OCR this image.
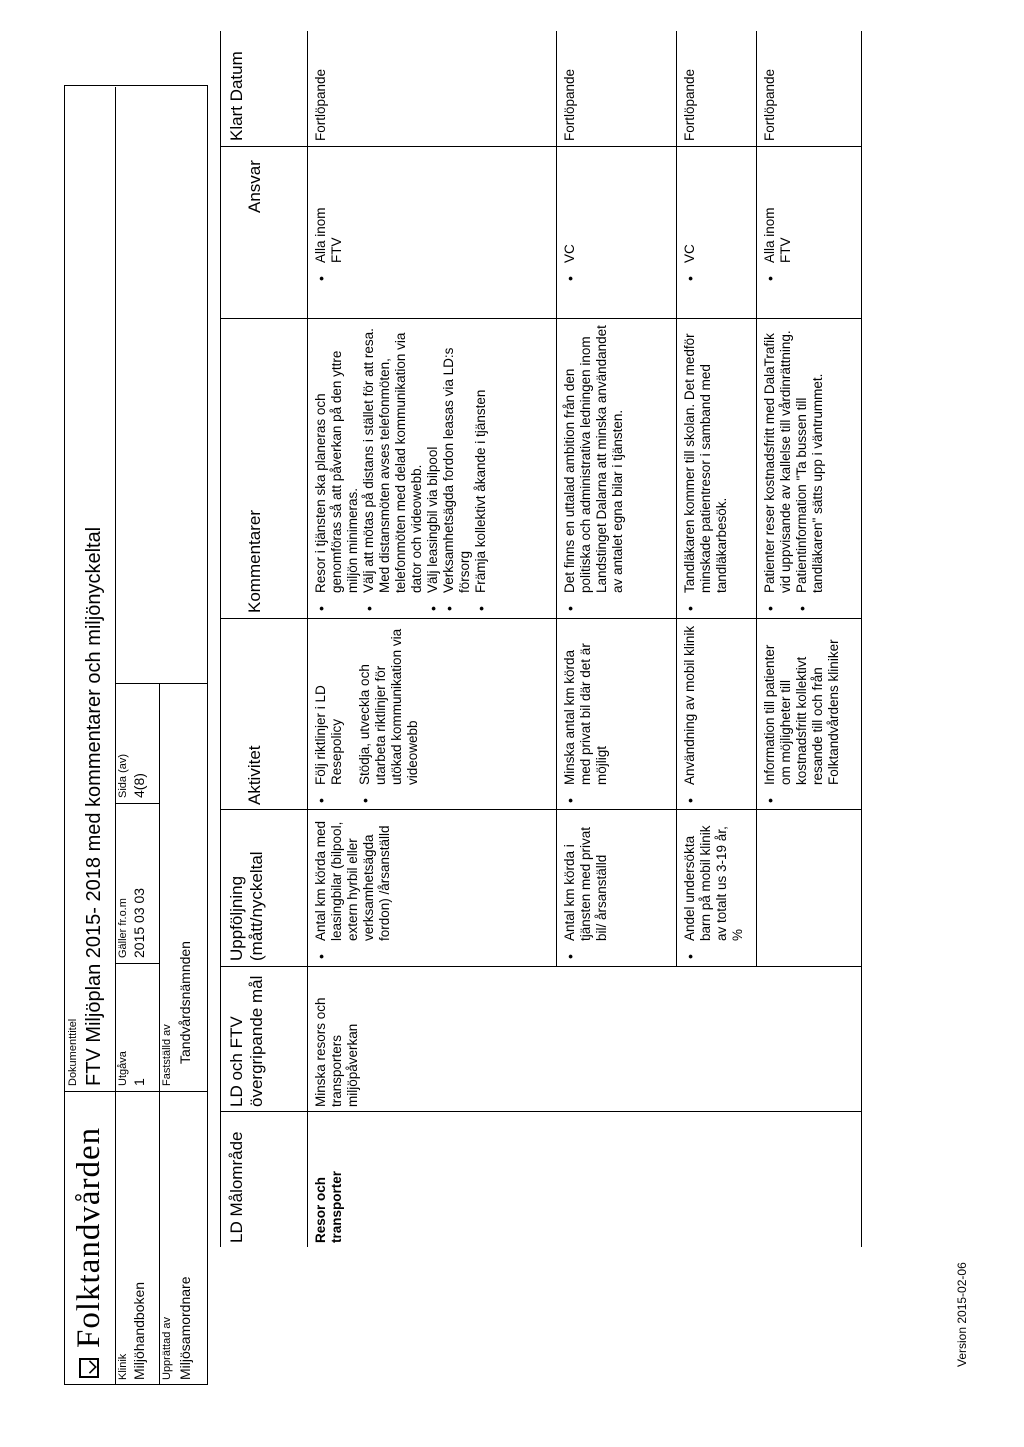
Folktandvården
Dokumenttitel FTV Miljöplan 2015- 2018 med kommentarer och miljönyckeltal
Klinik Miljöhandboken
Utgåva 1
Gäller fr.o.m 2015 03 03
Sida (av) 4(8)
Upprättad av Miljösamordnare
Fastställd av Tandvårdsnämnden
LD Målområde
LD och FTV övergripande mål
Uppföljning (mått/nyckeltal
Aktivitet
Kommentarer
Ansvar
Klart Datum
Resor och transporter
Minska resors och transporters miljöpåverkan
• Antal km körda med leasingbilar (bilpool, extern hyrbil eller verksamhetsägda fordon) /årsanställd
• Följ riktlinjer i LD Resepolicy • Stödja, utveckla och utarbeta riktlinjer för utökad kommunikation via videowebb
• Resor i tjänsten ska planeras och genomföras så att påverkan på den yttre miljön minimeras. • Välj att mötas på distans i stället för att resa. Med distansmöten avses telefonmöten, telefonmöten med delad kommunikation via dator och videowebb. • Välj leasingbil via bilpool • Verksamhetsägda fordon leasas via LD:s försorg • Främja kollektivt åkande i tjänsten
• Alla inom FTV
Fortlöpande
• Antal km körda i tjänsten med privat bil/ årsanställd
• Minska antal km körda med privat bil där det är möjligt
• Det finns en uttalad ambition från den politiska och administrativa ledningen inom Landstinget Dalarna att minska användandet av antalet egna bilar i tjänsten.
• VC
Fortlöpande
• Andel undersökta barn på mobil klinik av totalt us 3-19 år, %
• Användning av mobil klinik
• Tandläkaren kommer till skolan. Det medför minskade patientresor i samband med tandläkarbesök.
• VC
Fortlöpande
• Information till patienter om möjligheter till kostnadsfritt kollektivt resande till och från Folktandvårdens kliniker
• Patienter reser kostnadsfritt med DalaTrafik vid uppvisande av kallelse till vårdinrättning. • Patientinformation "Ta bussen till tandläkaren" sätts upp i väntrummet.
• Alla inom FTV
Fortlöpande
Version 2015-02-06
